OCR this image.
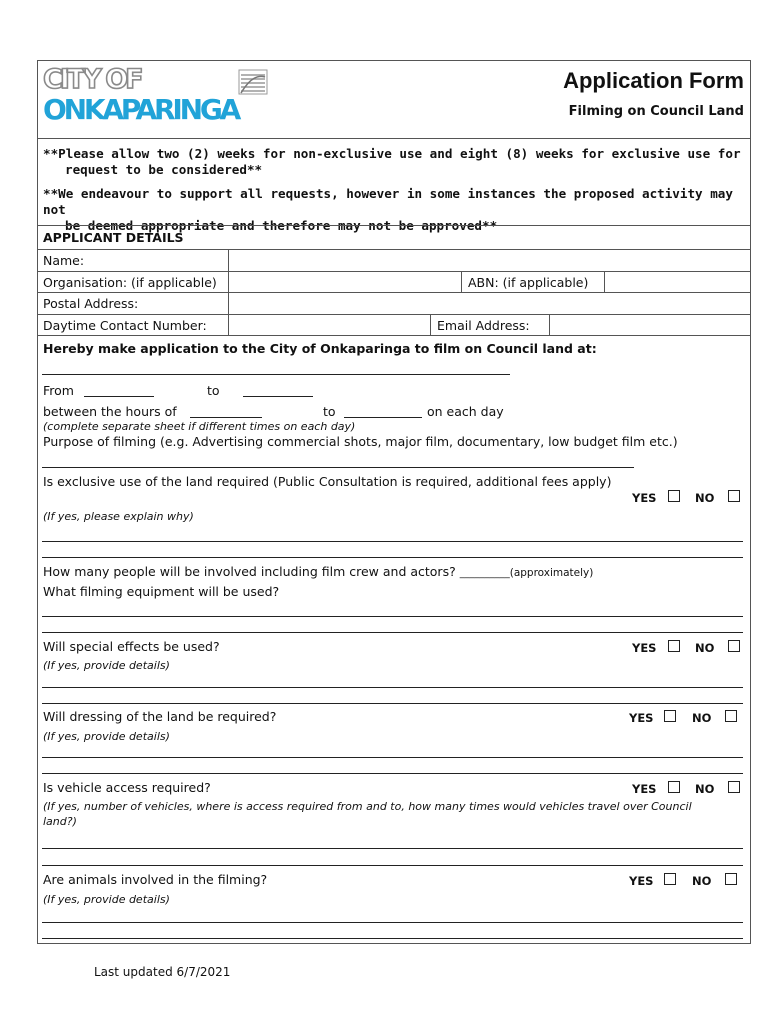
CITY OF
ONKAPARINGA
Application Form
Filming on Council Land
**Please allow two (2) weeks for non-exclusive use and eight (8) weeks for exclusive use for
request to be considered**
**We endeavour to support all requests, however in some instances the proposed activity may not
be deemed appropriate and therefore may not be approved**
APPLICANT DETAILS
Name:
Organisation: (if applicable)	ABN: (if applicable)
Postal Address:
Daytime Contact Number:	Email Address:
Hereby make application to the City of Onkaparinga to film on Council land at:
From	to
between the hours of	to	on each day
(complete separate sheet if different times on each day)
Purpose of filming (e.g. Advertising commercial shots, major film, documentary, low budget film etc.)
Is exclusive use of the land required (Public Consultation is required, additional fees apply)
YES	NO
(If yes, please explain why)
How many people will be involved including film crew and actors? __________(approximately)
What filming equipment will be used?
Will special effects be used?	YES	NO
(If yes, provide details)
Will dressing of the land be required?	YES	NO
(If yes, provide details)
Is vehicle access required?	YES	NO
(If yes, number of vehicles, where is access required from and to, how many times would vehicles travel over Council
land?)
Are animals involved in the filming?	YES	NO
(If yes, provide details)
Last updated 6/7/2021
